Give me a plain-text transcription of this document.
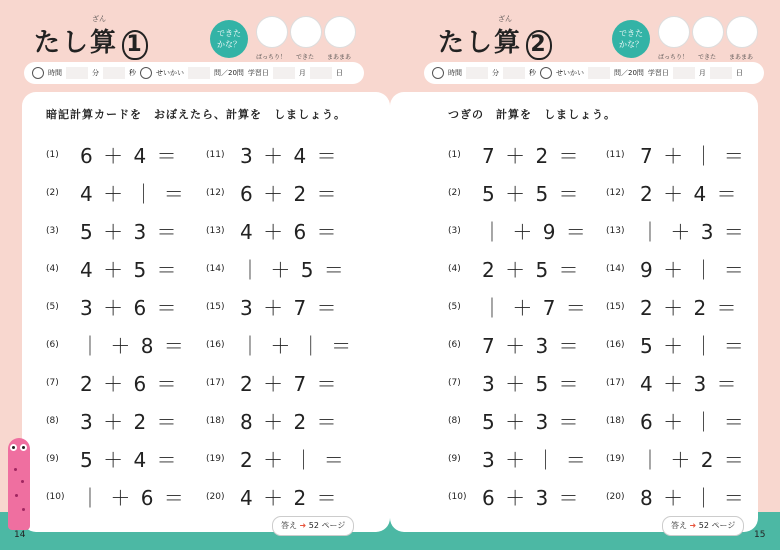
ざん
たし算 1	できた
かな？
ばっちり！	できた	まあまあ
時間	分	秒	せいかい	問／20問 学習日	月	日
暗記計算カードを　おぼえたら、計算を　しましょう。
(1) 6 ＋ 4 ＝
(2) 4 ＋ ｜ ＝
(3) 5 ＋ 3 ＝
(4) 4 ＋ 5 ＝
(5) 3 ＋ 6 ＝
(6) ｜ ＋ 8 ＝
(7) 2 ＋ 6 ＝
(8) 3 ＋ 2 ＝
(9) 5 ＋ 4 ＝
(10) ｜ ＋ 6 ＝
(11) 3 ＋ 4 ＝
(12) 6 ＋ 2 ＝
(13) 4 ＋ 6 ＝
(14) ｜ ＋ 5 ＝
(15) 3 ＋ 7 ＝
(16) ｜ ＋ ｜ ＝
(17) 2 ＋ 7 ＝
(18) 8 ＋ 2 ＝
(19) 2 ＋ ｜ ＝
(20) 4 ＋ 2 ＝
答え ➜ 52 ページ
14
ざん
たし算 2	できた
かな？
ばっちり！	できた	まあまあ
時間	分	秒	せいかい	問／20問 学習日	月	日
つぎの　計算を　しましょう。
(1) 7 ＋ 2 ＝
(2) 5 ＋ 5 ＝
(3) ｜ ＋ 9 ＝
(4) 2 ＋ 5 ＝
(5) ｜ ＋ 7 ＝
(6) 7 ＋ 3 ＝
(7) 3 ＋ 5 ＝
(8) 5 ＋ 3 ＝
(9) 3 ＋ ｜ ＝
(10) 6 ＋ 3 ＝
(11) 7 ＋ ｜ ＝
(12) 2 ＋ 4 ＝
(13) ｜ ＋ 3 ＝
(14) 9 ＋ ｜ ＝
(15) 2 ＋ 2 ＝
(16) 5 ＋ ｜ ＝
(17) 4 ＋ 3 ＝
(18) 6 ＋ ｜ ＝
(19) ｜ ＋ 2 ＝
(20) 8 ＋ ｜ ＝
答え ➜ 52 ページ
15
